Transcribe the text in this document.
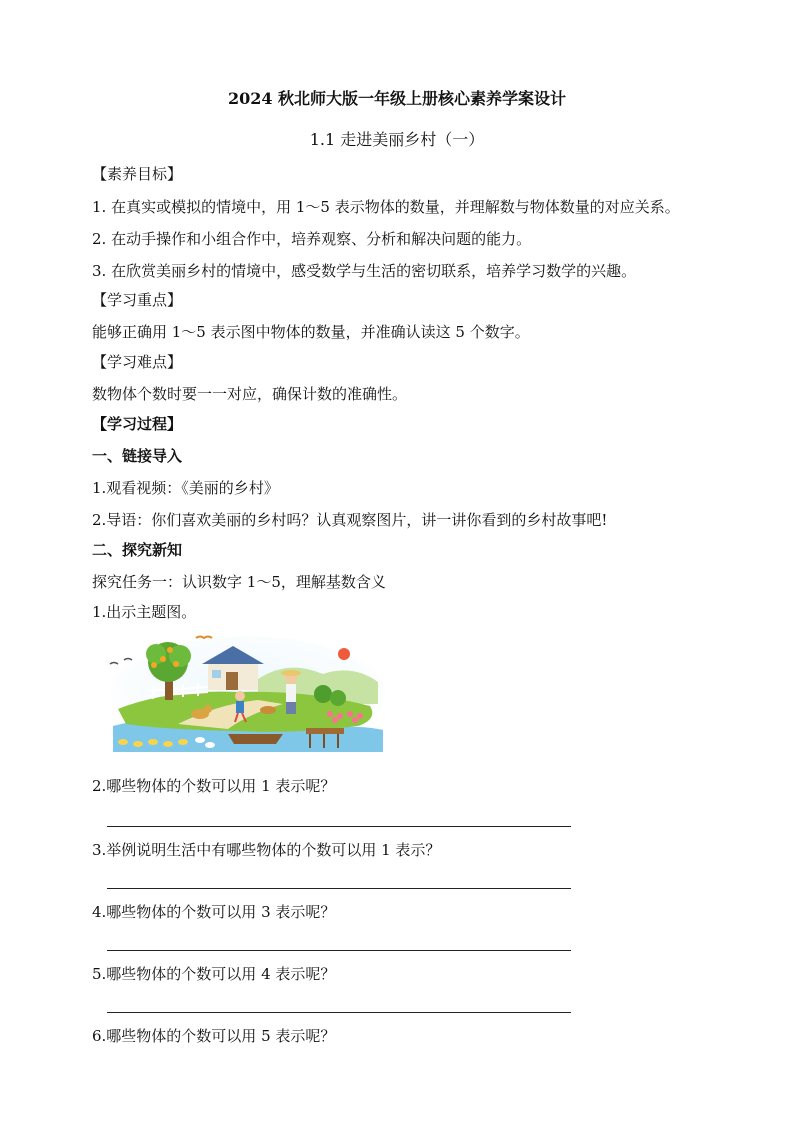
2024 秋北师大版一年级上册核心素养学案设计
1.1 走进美丽乡村（一）
【素养目标】
1. 在真实或模拟的情境中，用 1～5 表示物体的数量，并理解数与物体数量的对应关系。
2. 在动手操作和小组合作中，培养观察、分析和解决问题的能力。
3. 在欣赏美丽乡村的情境中，感受数学与生活的密切联系，培养学习数学的兴趣。
【学习重点】
能够正确用 1～5 表示图中物体的数量，并准确认读这 5 个数字。
【学习难点】
数物体个数时要一一对应，确保计数的准确性。
【学习过程】
一、链接导入
1.观看视频：《美丽的乡村》
2.导语：你们喜欢美丽的乡村吗？认真观察图片，讲一讲你看到的乡村故事吧!
二、探究新知
探究任务一：认识数字 1～5，理解基数含义
1.出示主题图。
2.哪些物体的个数可以用 1 表示呢？
3.举例说明生活中有哪些物体的个数可以用 1 表示？
4.哪些物体的个数可以用 3 表示呢？
5.哪些物体的个数可以用 4 表示呢？
6.哪些物体的个数可以用 5 表示呢？
